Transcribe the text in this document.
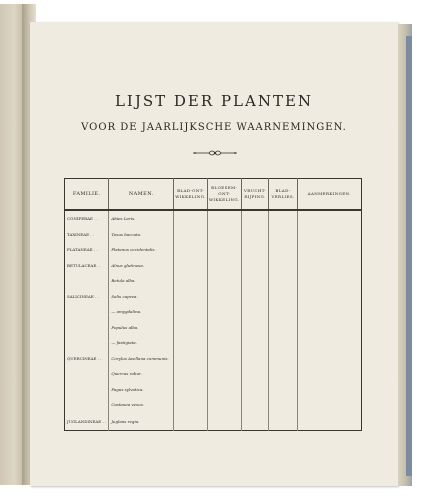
LIJST DER PLANTEN
VOOR DE JAARLIJKSCHE WAARNEMINGEN.
FAMILIE.	NAMEN.	BLAD-ONT- WIKKELING.	BLOESEM-ONT- WIKKELING.	VRUCHT- RIJPING.	BLAD- VERLIES.	AANMERKINGEN.
CONIFERAE . .	Abies Larix.					
TAXINEAE . .	Taxus baccata.					
PLATANEAE . .	Platanus occidentalis.					
BETULACEAE. .	Alnus glutinosa.					
	Betula alba.					
SALICINEAE . .	Salix caprea.					
	— amygdalina.					
	Populus alba.					
	— fastigiata.					
QUERCINEAE . .	Corylus Avellana communis.					
	Quercus robur.					
	Fagus sylvatica.					
	Castanea vesca.					
JUGLANDINEAE . .	Juglans regia.					
